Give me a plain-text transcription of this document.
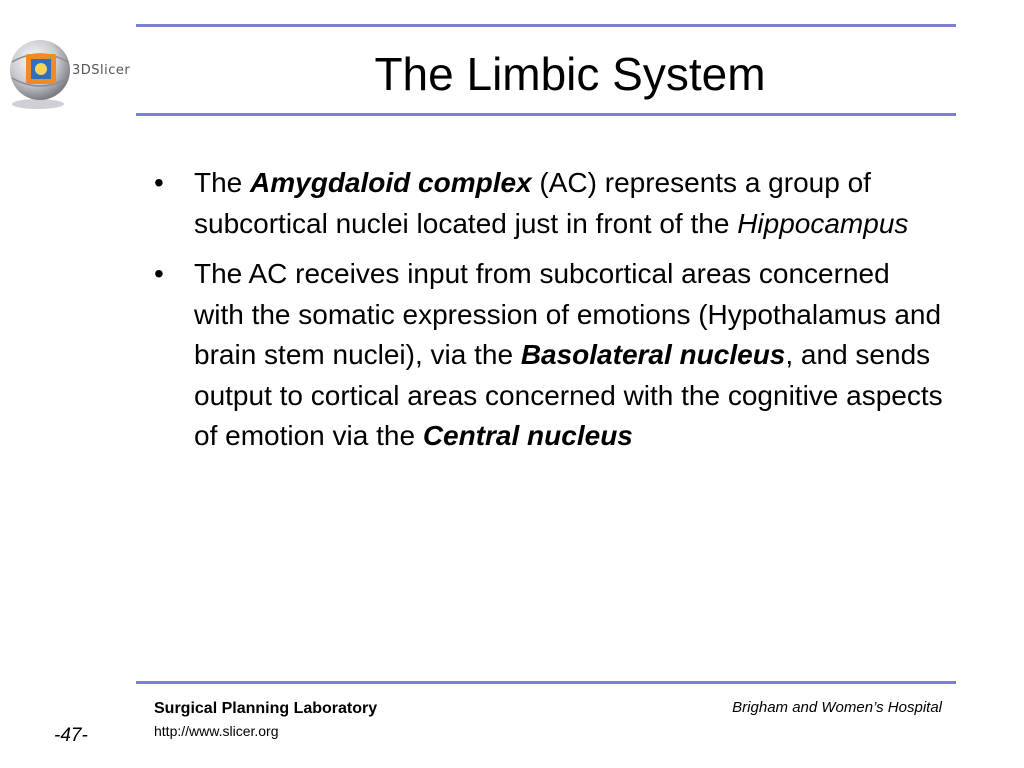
3DSlicer	The Limbic System
• The Amygdaloid complex (AC) represents a group of subcortical nuclei located just in front of the Hippocampus
• The AC receives input from subcortical areas concerned with the somatic expression of emotions (Hypothalamus and brain stem nuclei), via the Basolateral nucleus, and sends output to cortical areas concerned with the cognitive aspects of emotion via the Central nucleus
Surgical Planning Laboratory
http://www.slicer.org
Brigham and Women’s Hospital
-47-
